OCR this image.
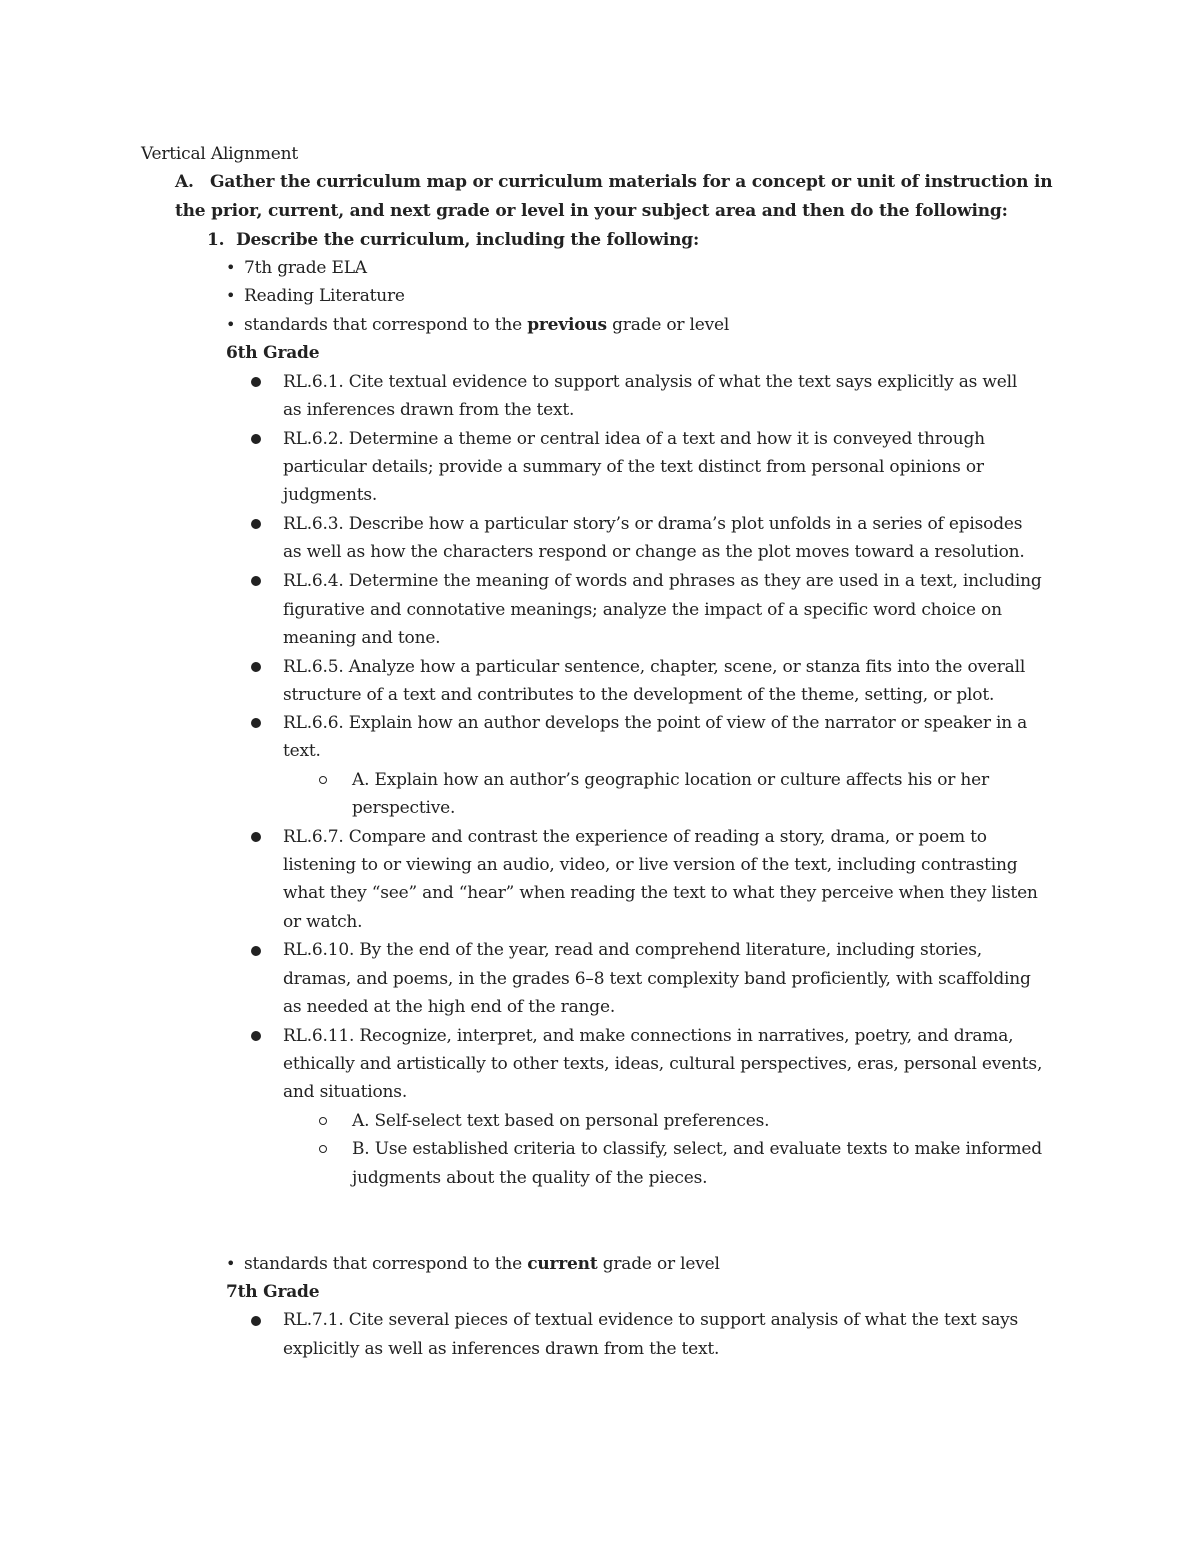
Vertical Alignment
A. Gather the curriculum map or curriculum materials for a concept or unit of instruction in
the prior, current, and next grade or level in your subject area and then do the following:
1. Describe the curriculum, including the following:
• 7th grade ELA
• Reading Literature
• standards that correspond to the previous grade or level
6th Grade
RL.6.1. Cite textual evidence to support analysis of what the text says explicitly as well
as inferences drawn from the text.
RL.6.2. Determine a theme or central idea of a text and how it is conveyed through
particular details; provide a summary of the text distinct from personal opinions or
judgments.
RL.6.3. Describe how a particular story’s or drama’s plot unfolds in a series of episodes
as well as how the characters respond or change as the plot moves toward a resolution.
RL.6.4. Determine the meaning of words and phrases as they are used in a text, including
figurative and connotative meanings; analyze the impact of a specific word choice on
meaning and tone.
RL.6.5. Analyze how a particular sentence, chapter, scene, or stanza fits into the overall
structure of a text and contributes to the development of the theme, setting, or plot.
RL.6.6. Explain how an author develops the point of view of the narrator or speaker in a
text.
A. Explain how an author’s geographic location or culture affects his or her
perspective.
RL.6.7. Compare and contrast the experience of reading a story, drama, or poem to
listening to or viewing an audio, video, or live version of the text, including contrasting
what they “see” and “hear” when reading the text to what they perceive when they listen
or watch.
RL.6.10. By the end of the year, read and comprehend literature, including stories,
dramas, and poems, in the grades 6–8 text complexity band proficiently, with scaffolding
as needed at the high end of the range.
RL.6.11. Recognize, interpret, and make connections in narratives, poetry, and drama,
ethically and artistically to other texts, ideas, cultural perspectives, eras, personal events,
and situations.
A. Self-select text based on personal preferences.
B. Use established criteria to classify, select, and evaluate texts to make informed
judgments about the quality of the pieces.
• standards that correspond to the current grade or level
7th Grade
RL.7.1. Cite several pieces of textual evidence to support analysis of what the text says
explicitly as well as inferences drawn from the text.
